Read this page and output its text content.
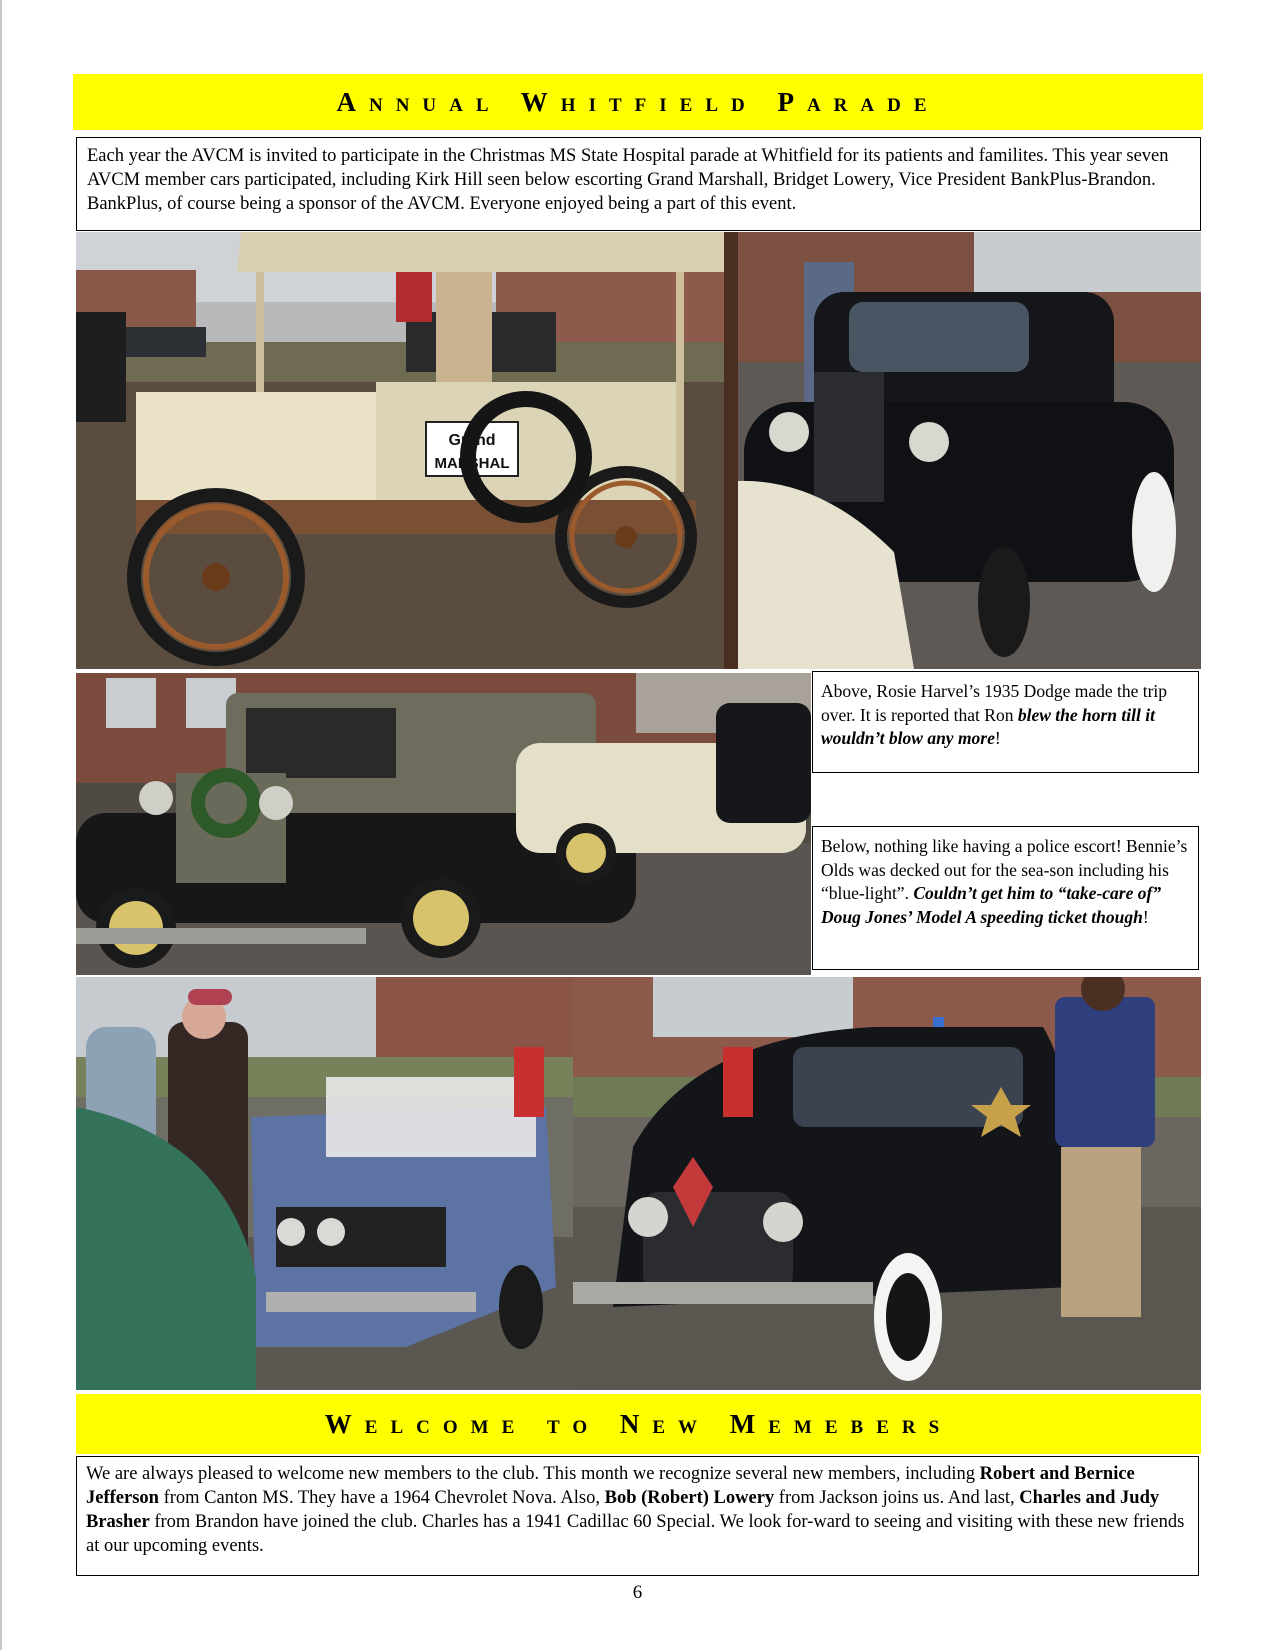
Annual Whitfield Parade
Each year the AVCM is invited to participate in the Christmas MS State Hospital parade at Whitfield for its patients and familites. This year seven AVCM member cars participated, including Kirk Hill seen below escorting Grand Marshall, Bridget Lowery, Vice President BankPlus-Brandon. BankPlus, of course being a sponsor of the AVCM. Everyone enjoyed being a part of this event.
Grand
MARSHAL
Above, Rosie Harvel’s 1935 Dodge made the trip over. It is reported that Ron blew the horn till it wouldn’t blow any more!
Below, nothing like having a police escort! Bennie’s Olds was decked out for the sea-son including his “blue-light”. Couldn’t get him to “take-care of” Doug Jones’ Model A speeding ticket though!
Welcome to New Memebers
We are always pleased to welcome new members to the club. This month we recognize several new members, including Robert and Bernice Jefferson from Canton MS. They have a 1964 Chevrolet Nova. Also, Bob (Robert) Lowery from Jackson joins us. And last, Charles and Judy Brasher from Brandon have joined the club. Charles has a 1941 Cadillac 60 Special. We look for-ward to seeing and visiting with these new friends at our upcoming events.
6
